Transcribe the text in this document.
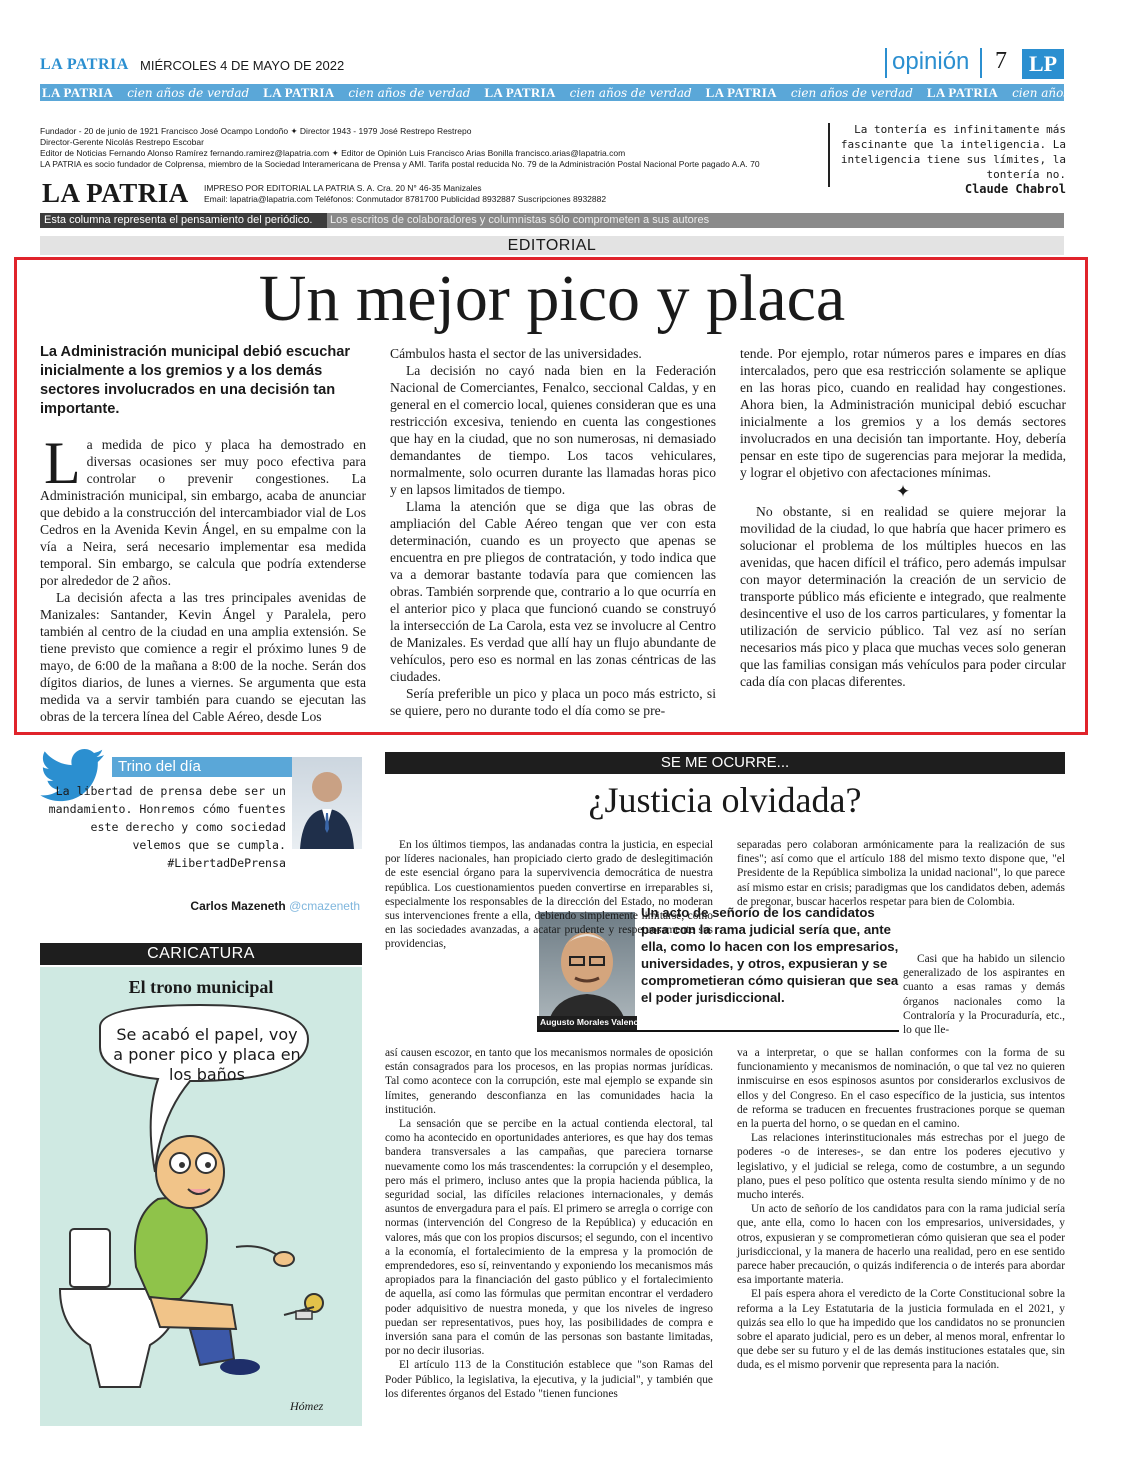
LA PATRIA MIÉRCOLES 4 DE MAYO DE 2022	opinión 7 LP
LA PATRIA cien años de verdad LA PATRIA cien años de verdad LA PATRIA cien años de verdad LA PATRIA cien años de verdad LA PATRIA cien años de verdad
Fundador - 20 de junio de 1921 Francisco José Ocampo Londoño ✦ Director 1943 - 1979 José Restrepo Restrepo
Director-Gerente Nicolás Restrepo Escobar
Editor de Noticias Fernando Alonso Ramírez fernando.ramirez@lapatria.com ✦ Editor de Opinión Luis Francisco Arias Bonilla francisco.arias@lapatria.com
LA PATRIA es socio fundador de Colprensa, miembro de la Sociedad Interamericana de Prensa y AMI. Tarifa postal reducida No. 79 de la Administración Postal Nacional Porte pagado A.A. 70
LA PATRIA IMPRESO POR EDITORIAL LA PATRIA S. A. Cra. 20 N° 46-35 Manizales
Email: lapatria@lapatria.com Teléfonos: Conmutador 8781700 Publicidad 8932887 Suscripciones 8932882
La tontería es infinitamente más fascinante que la inteligencia. La inteligencia tiene sus límites, la tontería no.
Claude Chabrol
Esta columna representa el pensamiento del periódico.	Los escritos de colaboradores y columnistas sólo comprometen a sus autores
EDITORIAL
Un mejor pico y placa
La Administración municipal debió escuchar inicialmente a los gremios y a los demás sectores involucrados en una decisión tan importante.

La medida de pico y placa ha demostrado en diversas ocasiones ser muy poco efectiva para controlar o prevenir congestiones. La Administración municipal, sin embargo, acaba de anunciar que debido a la construcción del intercambiador vial de Los Cedros en la Avenida Kevin Ángel, en su empalme con la vía a Neira, será necesario implementar esa medida temporal. Sin embargo, se calcula que podría extenderse por alrededor de 2 años.

La decisión afecta a las tres principales avenidas de Manizales: Santander, Kevin Ángel y Paralela, pero también al centro de la ciudad en una amplia extensión. Se tiene previsto que comience a regir el próximo lunes 9 de mayo, de 6:00 de la mañana a 8:00 de la noche. Serán dos dígitos diarios, de lunes a viernes. Se argumenta que esta medida va a servir también para cuando se ejecutan las obras de la tercera línea del Cable Aéreo, desde Los

Cámbulos hasta el sector de las universidades.

La decisión no cayó nada bien en la Federación Nacional de Comerciantes, Fenalco, seccional Caldas, y en general en el comercio local, quienes consideran que es una restricción excesiva, teniendo en cuenta las congestiones que hay en la ciudad, que no son numerosas, ni demasiado demandantes de tiempo. Los tacos vehiculares, normalmente, solo ocurren durante las llamadas horas pico y en lapsos limitados de tiempo.

Llama la atención que se diga que las obras de ampliación del Cable Aéreo tengan que ver con esta determinación, cuando es un proyecto que apenas se encuentra en pre pliegos de contratación, y todo indica que va a demorar bastante todavía para que comiencen las obras. También sorprende que, contrario a lo que ocurría en el anterior pico y placa que funcionó cuando se construyó la intersección de La Carola, esta vez se involucre al Centro de Manizales. Es verdad que allí hay un flujo abundante de vehículos, pero eso es normal en las zonas céntricas de las ciudades.

Sería preferible un pico y placa un poco más estricto, si se quiere, pero no durante todo el día como se pre-

tende. Por ejemplo, rotar números pares e impares en días intercalados, pero que esa restricción solamente se aplique en las horas pico, cuando en realidad hay congestiones. Ahora bien, la Administración municipal debió escuchar inicialmente a los gremios y a los demás sectores involucrados en una decisión tan importante. Hoy, debería pensar en este tipo de sugerencias para mejorar la medida, y lograr el objetivo con afectaciones mínimas.

✦

No obstante, si en realidad se quiere mejorar la movilidad de la ciudad, lo que habría que hacer primero es solucionar el problema de los múltiples huecos en las avenidas, que hacen difícil el tráfico, pero además impulsar con mayor determinación la creación de un servicio de transporte público más eficiente e integrado, que realmente desincentive el uso de los carros particulares, y fomentar la utilización de servicio público. Tal vez así no serían necesarios más pico y placa que muchas veces solo generan que las familias consigan más vehículos para poder circular cada día con placas diferentes.

Trino del día
La libertad de prensa debe ser un mandamiento. Honremos cómo fuentes este derecho y como sociedad velemos que se cumpla. #LibertadDePrensa
Carlos Mazeneth @cmazeneth
CARICATURA
El trono municipal
Se acabó el papel, voy a poner pico y placa en los baños
Hómez
SE ME OCURRE...
¿Justicia olvidada?
Augusto Morales Valencia
Un acto de señorío de los candidatos para con la rama judicial sería que, ante ella, como lo hacen con los empresarios, universidades, y otros, expusieran y se comprometieran cómo quisieran que sea el poder jurisdiccional.

En los últimos tiempos, las andanadas contra la justicia, en especial por líderes nacionales, han propiciado cierto grado de deslegitimación de este esencial órgano para la supervivencia democrática de nuestra república. Los cuestionamientos pueden convertirse en irreparables si, especialmente los responsables de la dirección del Estado, no moderan sus intervenciones frente a ella, debiendo simplemente limitarse, como en las sociedades avanzadas, a acatar prudente y respetuosamente sus providencias,

así causen escozor, en tanto que los mecanismos normales de oposición están consagrados para los procesos, en las propias normas jurídicas. Tal como acontece con la corrupción, este mal ejemplo se expande sin límites, generando desconfianza en las comunidades hacia la institución.

La sensación que se percibe en la actual contienda electoral, tal como ha acontecido en oportunidades anteriores, es que hay dos temas bandera transversales a las campañas, que pareciera tornarse nuevamente como los más trascendentes: la corrupción y el desempleo, pero más el primero, incluso antes que la propia hacienda pública, la seguridad social, las difíciles relaciones internacionales, y demás asuntos de envergadura para el país. El primero se arregla o corrige con normas (intervención del Congreso de la República) y educación en valores, más que con los propios discursos; el segundo, con el incentivo a la economía, el fortalecimiento de la empresa y la promoción de emprendedores, eso sí, reinventando y exponiendo los mecanismos más apropiados para la financiación del gasto público y el fortalecimiento de aquella, así como las fórmulas que permitan encontrar el verdadero poder adquisitivo de nuestra moneda, y que los niveles de ingreso puedan ser representativos, pues hoy, las posibilidades de compra e inversión sana para el común de las personas son bastante limitadas, por no decir ilusorias.

El artículo 113 de la Constitución establece que "son Ramas del Poder Público, la legislativa, la ejecutiva, y la judicial", y también que los diferentes órganos del Estado "tienen funciones

separadas pero colaboran armónicamente para la realización de sus fines"; así como que el artículo 188 del mismo texto dispone que, "el Presidente de la República simboliza la unidad nacional", lo que parece así mismo estar en crisis; paradigmas que los candidatos deben, además de pregonar, buscar hacerlos respetar para bien de Colombia.

Casi que ha habido un silencio generalizado de los aspirantes en cuanto a esas ramas y demás órganos nacionales como la Contraloría y la Procuraduría, etc., lo que lle-

va a interpretar, o que se hallan conformes con la forma de su funcionamiento y mecanismos de nominación, o que tal vez no quieren inmiscuirse en esos espinosos asuntos por considerarlos exclusivos de ellos y del Congreso. En el caso específico de la justicia, sus intentos de reforma se traducen en frecuentes frustraciones porque se queman en la puerta del horno, o se quedan en el camino.

Las relaciones interinstitucionales más estrechas por el juego de poderes -o de intereses-, se dan entre los poderes ejecutivo y legislativo, y el judicial se relega, como de costumbre, a un segundo plano, pues el peso político que ostenta resulta siendo mínimo y de no mucho interés.

Un acto de señorío de los candidatos para con la rama judicial sería que, ante ella, como lo hacen con los empresarios, universidades, y otros, expusieran y se comprometieran cómo quisieran que sea el poder jurisdiccional, y la manera de hacerlo una realidad, pero en ese sentido parece haber precaución, o quizás indiferencia o de interés para abordar esa importante materia.

El país espera ahora el veredicto de la Corte Constitucional sobre la reforma a la Ley Estatutaria de la justicia formulada en el 2021, y quizás sea ello lo que ha impedido que los candidatos no se pronuncien sobre el aparato judicial, pero es un deber, al menos moral, enfrentar lo que debe ser su futuro y el de las demás instituciones estatales que, sin duda, es el mismo porvenir que representa para la nación.
